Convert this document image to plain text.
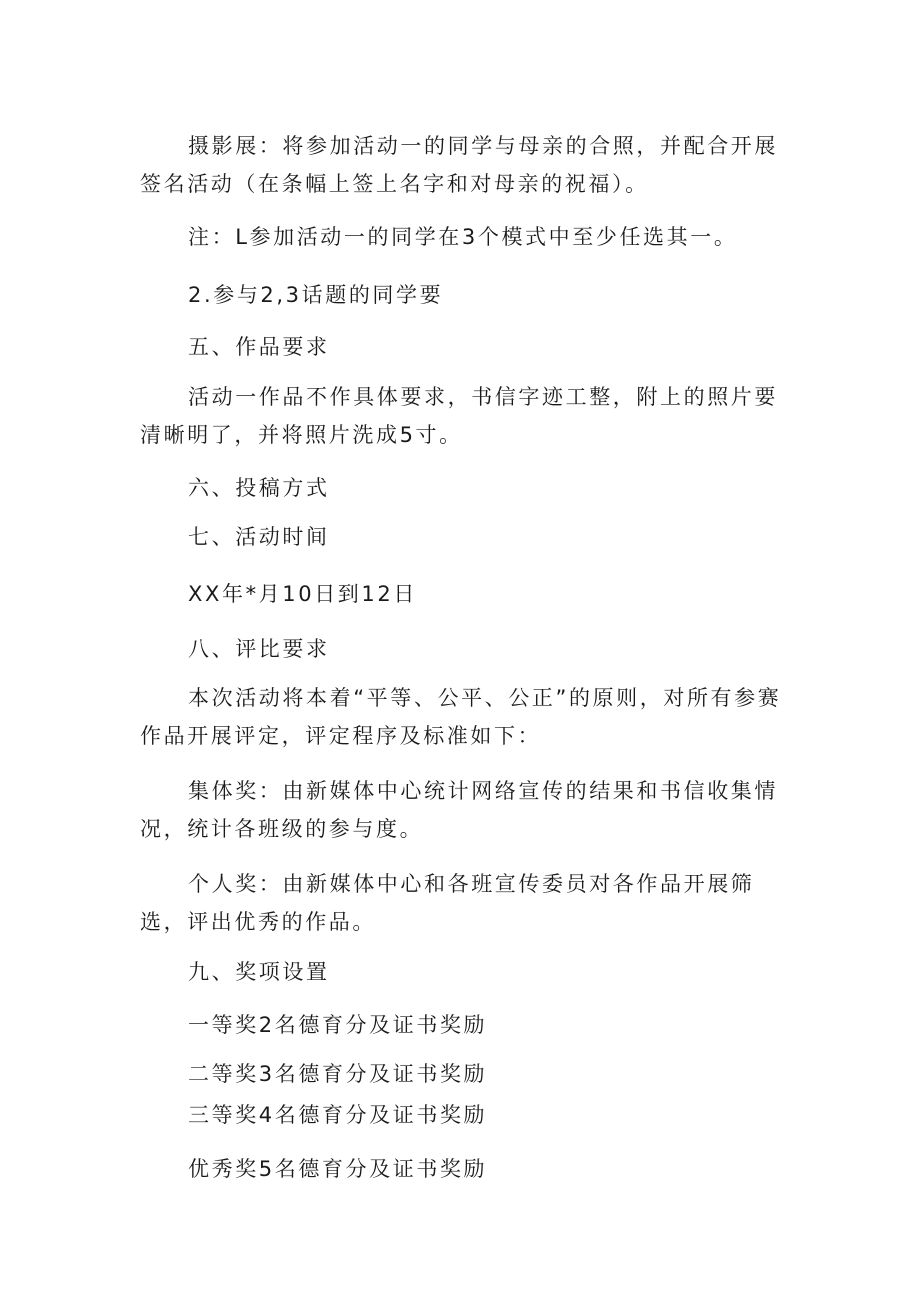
摄影展：将参加活动一的同学与母亲的合照，并配合开展签名活动（在条幅上签上名字和对母亲的祝福）。

注：L参加活动一的同学在3个模式中至少任选其一。

2.参与2,3话题的同学要

五、作品要求

活动一作品不作具体要求，书信字迹工整，附上的照片要清晰明了，并将照片洗成5寸。

六、投稿方式

七、活动时间

XX年*月10日到12日

八、评比要求

本次活动将本着“平等、公平、公正”的原则，对所有参赛作品开展评定，评定程序及标准如下：

集体奖：由新媒体中心统计网络宣传的结果和书信收集情况，统计各班级的参与度。

个人奖：由新媒体中心和各班宣传委员对各作品开展筛选，评出优秀的作品。

九、奖项设置

一等奖2名德育分及证书奖励

二等奖3名德育分及证书奖励

三等奖4名德育分及证书奖励

优秀奖5名德育分及证书奖励
